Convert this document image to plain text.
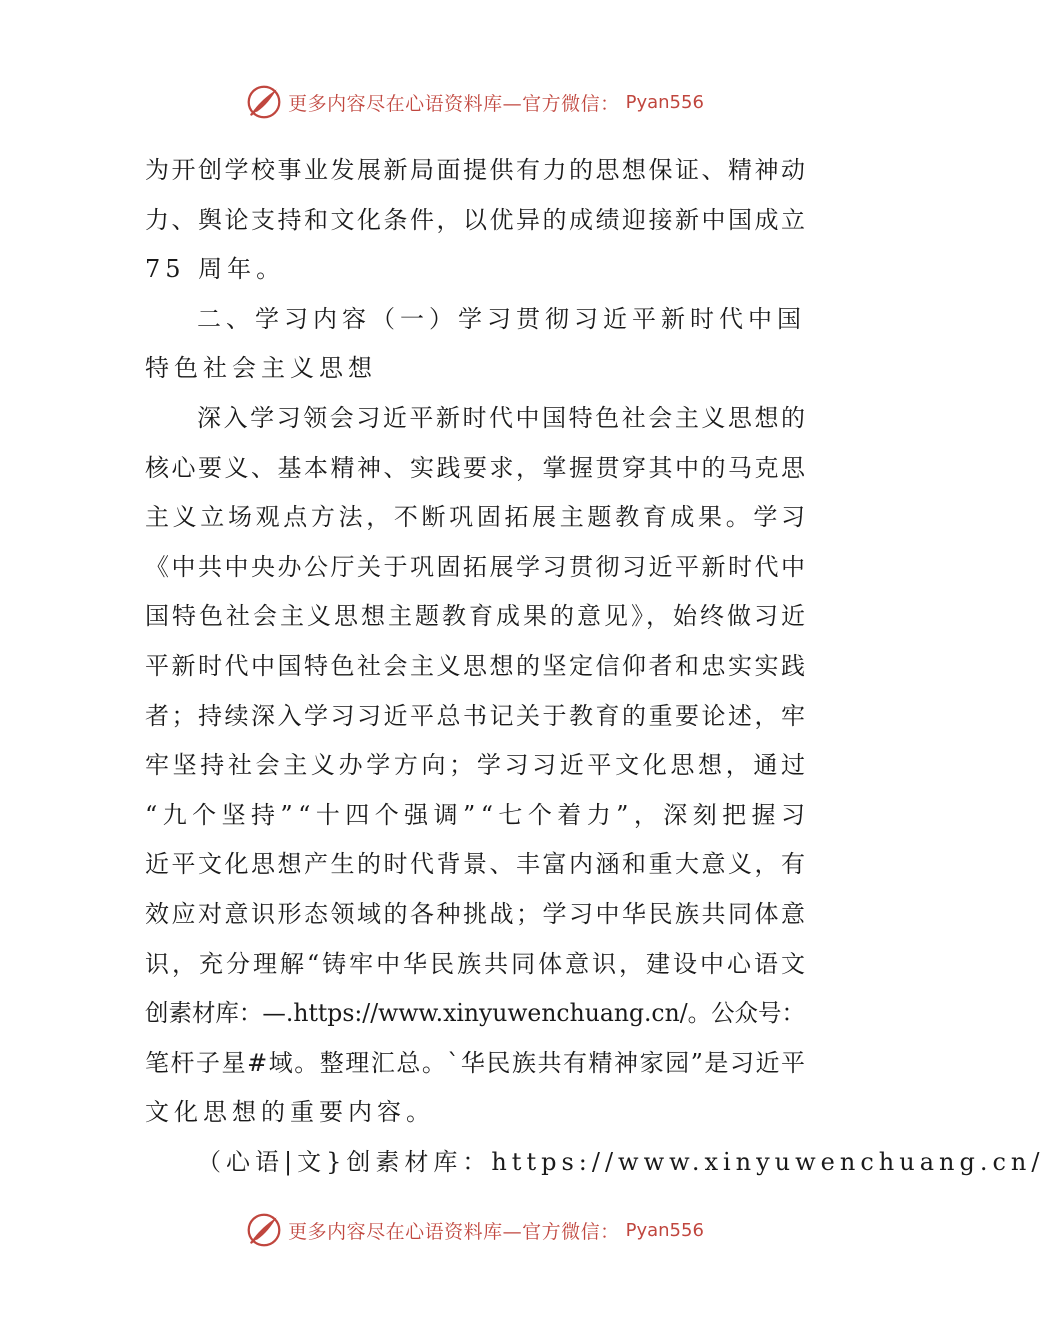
更多内容尽在心语资料库—官方微信： Pyan556
为开创学校事业发展新局面提供有力的思想保证、精神动
力、舆论支持和文化条件，以优异的成绩迎接新中国成立
75 周年。
二、学习内容 （一）学习贯彻习近平新时代中国
特色社会主义思想
深入学习领会习近平新时代中国特色社会主义思想的
核心要义、基本精神、实践要求，掌握贯穿其中的马克思
主义立场观点方法，不断巩固拓展主题教育成果。学习
《中共中央办公厅关于巩固拓展学习贯彻习近平新时代中
国特色社会主义思想主题教育成果的意见》，始终做习近
平新时代中国特色社会主义思想的坚定信仰者和忠实实践
者；持续深入学习习近平总书记关于教育的重要论述，牢
牢坚持社会主义办学方向；学习习近平文化思想，通过
“九个坚持”“十四个强调”“七个着力”，深刻把握习
近平文化思想产生的时代背景、丰富内涵和重大意义，有
效应对意识形态领域的各种挑战；学习中华民族共同体意
识，充分理解“铸牢中华民族共同体意识，建设中心语文
创素材库：—.https://www.xinyuwenchuang.cn/。公众号：
笔杆子星#域。整理汇总。`华民族共有精神家园”是习近平
文化思想的重要内容。
（心语|文}创素材库：https://www.xinyuwenchuang.cn/
更多内容尽在心语资料库—官方微信： Pyan556
